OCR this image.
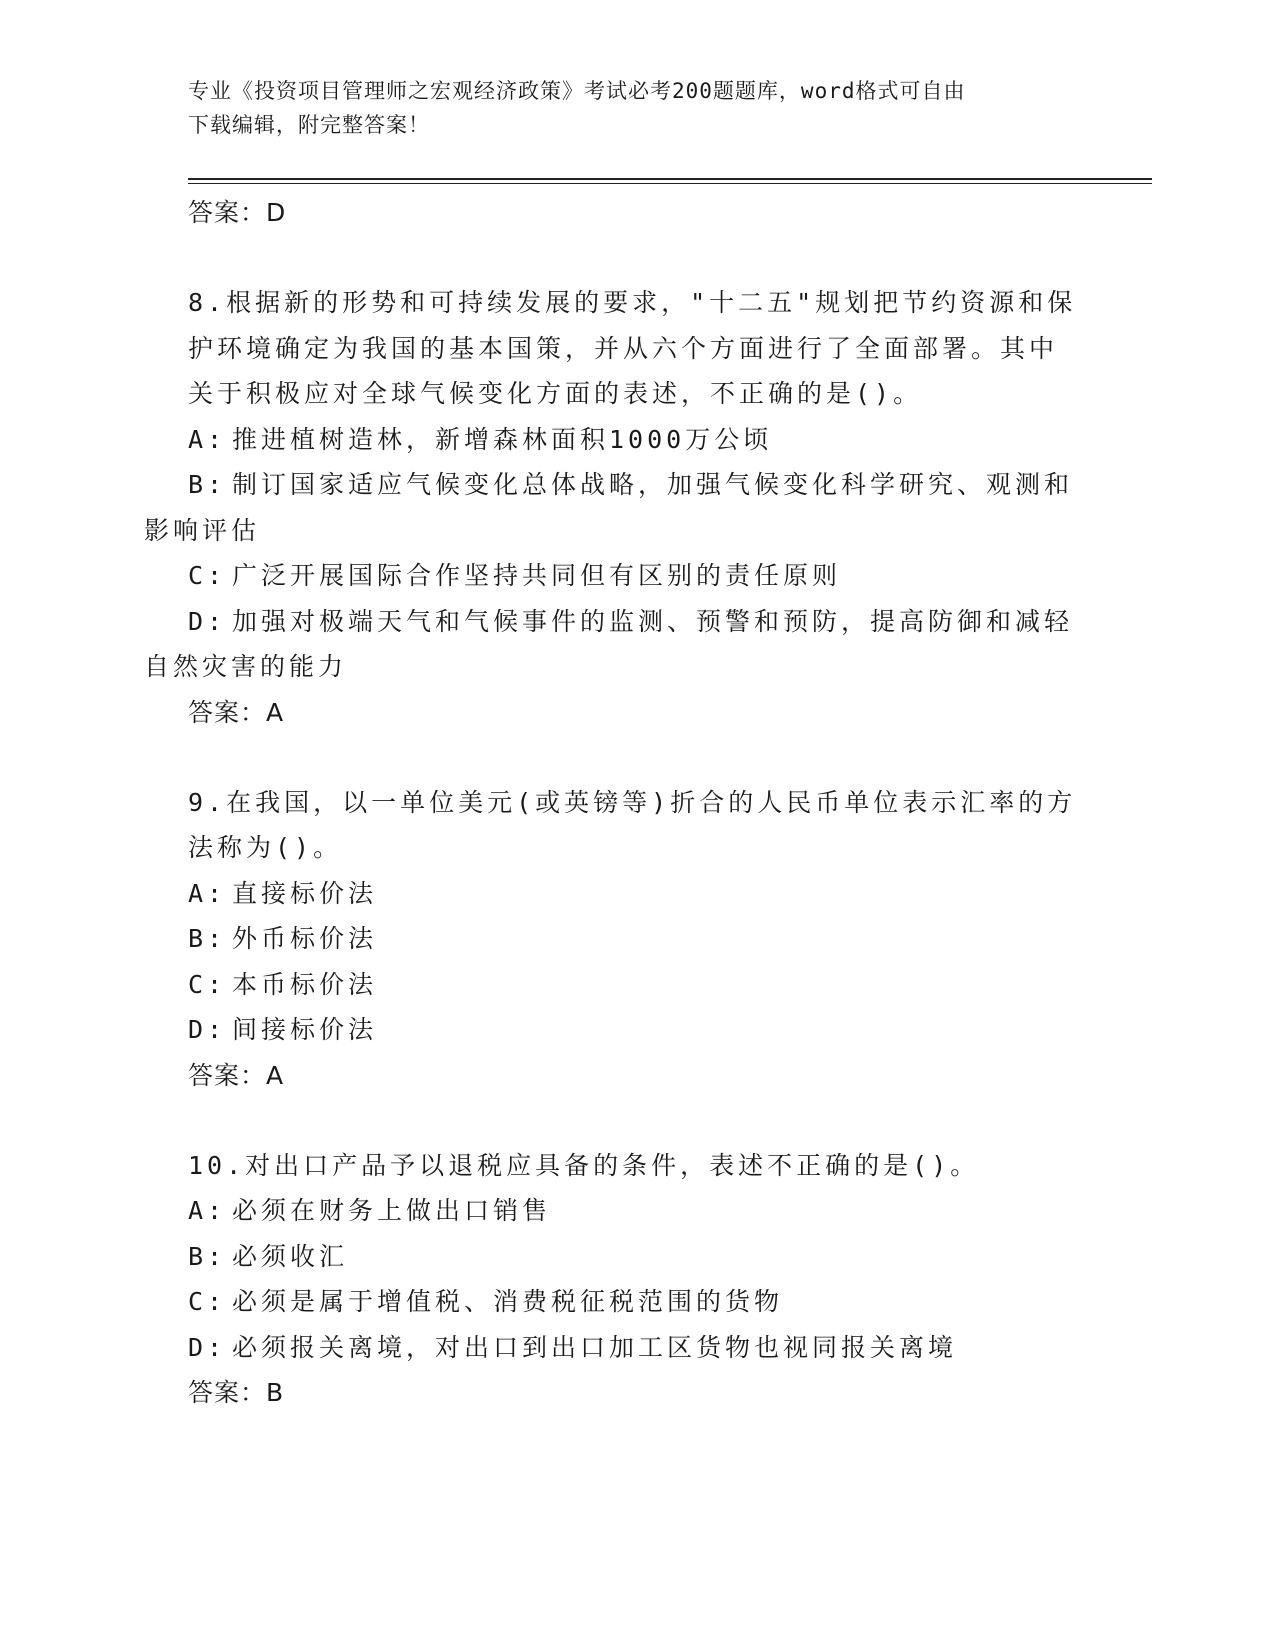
专业《投资项目管理师之宏观经济政策》考试必考200题题库，word格式可自由
下载编辑，附完整答案！
答案：D
8.根据新的形势和可持续发展的要求，"十二五"规划把节约资源和保
护环境确定为我国的基本国策，并从六个方面进行了全面部署。其中
关于积极应对全球气候变化方面的表述，不正确的是()。
A: 推进植树造林，新增森林面积1000万公顷
B: 制订国家适应气候变化总体战略，加强气候变化科学研究、观测和
影响评估
C: 广泛开展国际合作坚持共同但有区别的责任原则
D: 加强对极端天气和气候事件的监测、预警和预防，提高防御和减轻
自然灾害的能力
答案：A
9.在我国，以一单位美元(或英镑等)折合的人民币单位表示汇率的方
法称为()。
A: 直接标价法
B: 外币标价法
C: 本币标价法
D: 间接标价法
答案：A
10.对出口产品予以退税应具备的条件，表述不正确的是()。
A: 必须在财务上做出口销售
B: 必须收汇
C: 必须是属于增值税、消费税征税范围的货物
D: 必须报关离境，对出口到出口加工区货物也视同报关离境
答案：B
